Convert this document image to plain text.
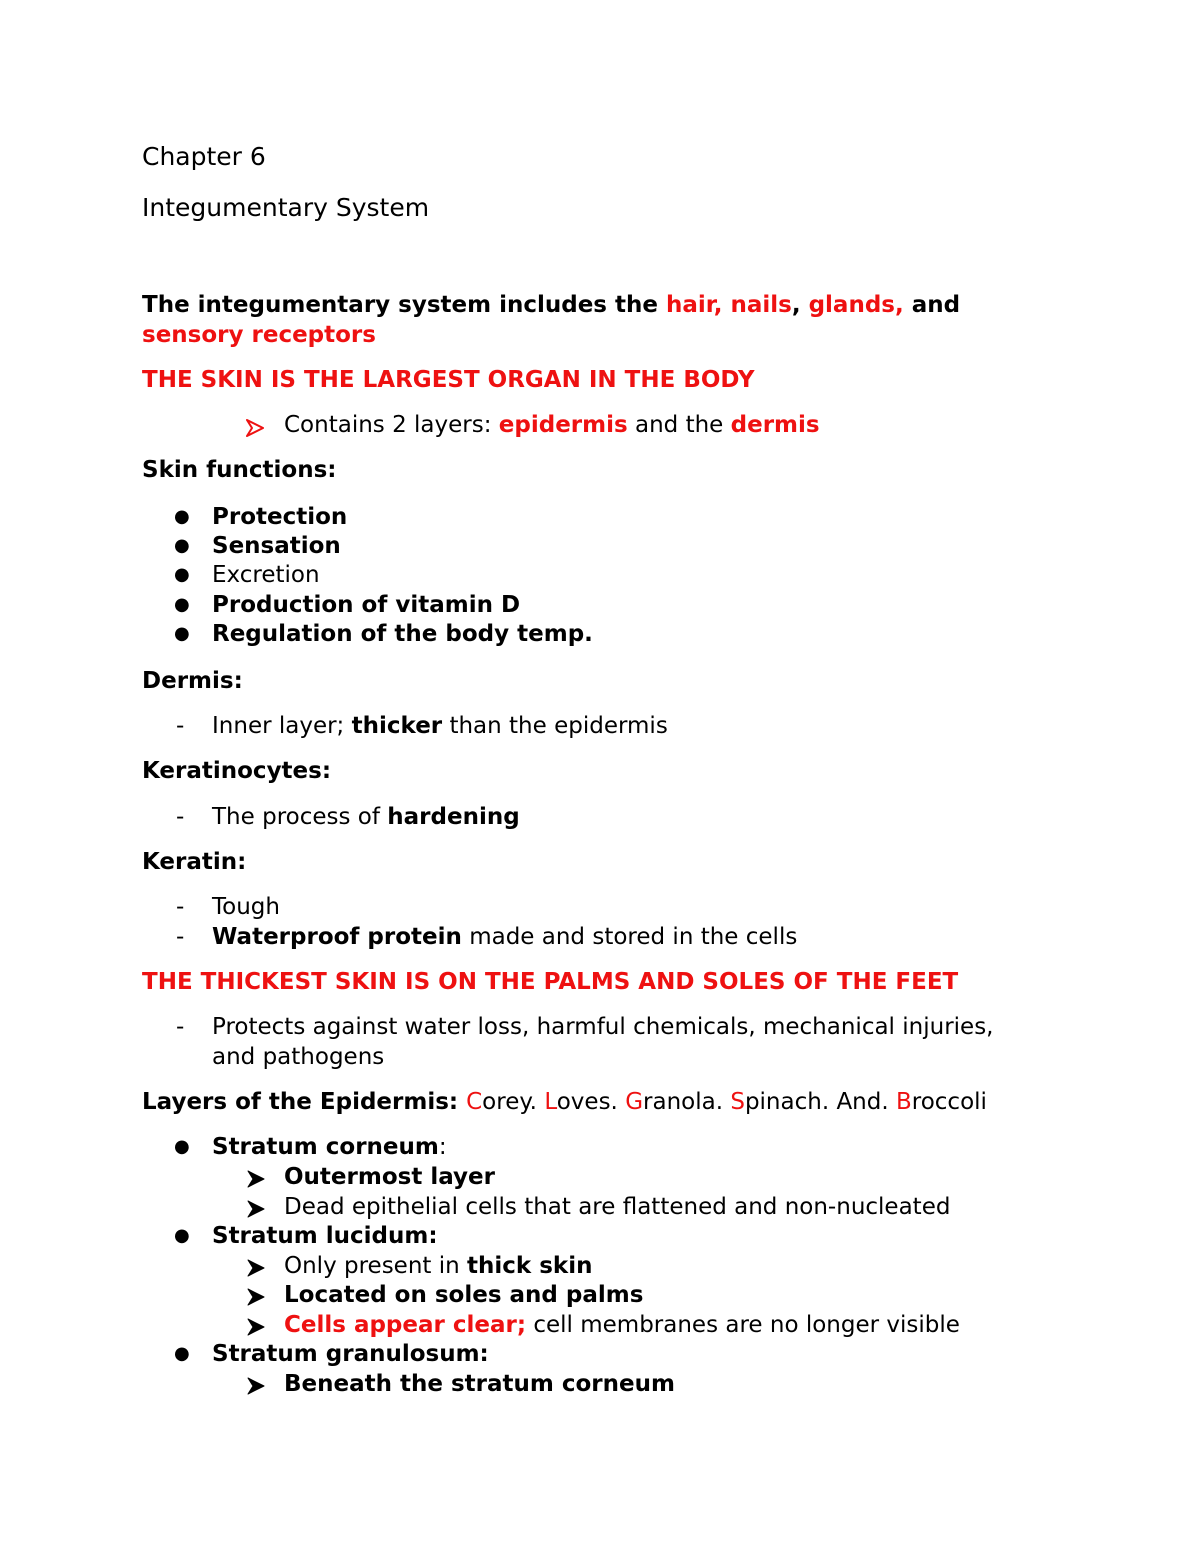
Chapter 6
Integumentary System
The integumentary system includes the hair, nails, glands, and
sensory receptors
THE SKIN IS THE LARGEST ORGAN IN THE BODY
Contains 2 layers: epidermis and the dermis
Skin functions:
● Protection
● Sensation
● Excretion
● Production of vitamin D
● Regulation of the body temp.
Dermis:
- Inner layer; thicker than the epidermis
Keratinocytes:
- The process of hardening
Keratin:
- Tough
- Waterproof protein made and stored in the cells
THE THICKEST SKIN IS ON THE PALMS AND SOLES OF THE FEET
- Protects against water loss, harmful chemicals, mechanical injuries,
and pathogens
Layers of the Epidermis: Corey. Loves. Granola. Spinach. And. Broccoli
● Stratum corneum:
Outermost layer
Dead epithelial cells that are flattened and non-nucleated
● Stratum lucidum:
Only present in thick skin
Located on soles and palms
Cells appear clear; cell membranes are no longer visible
● Stratum granulosum:
Beneath the stratum corneum
